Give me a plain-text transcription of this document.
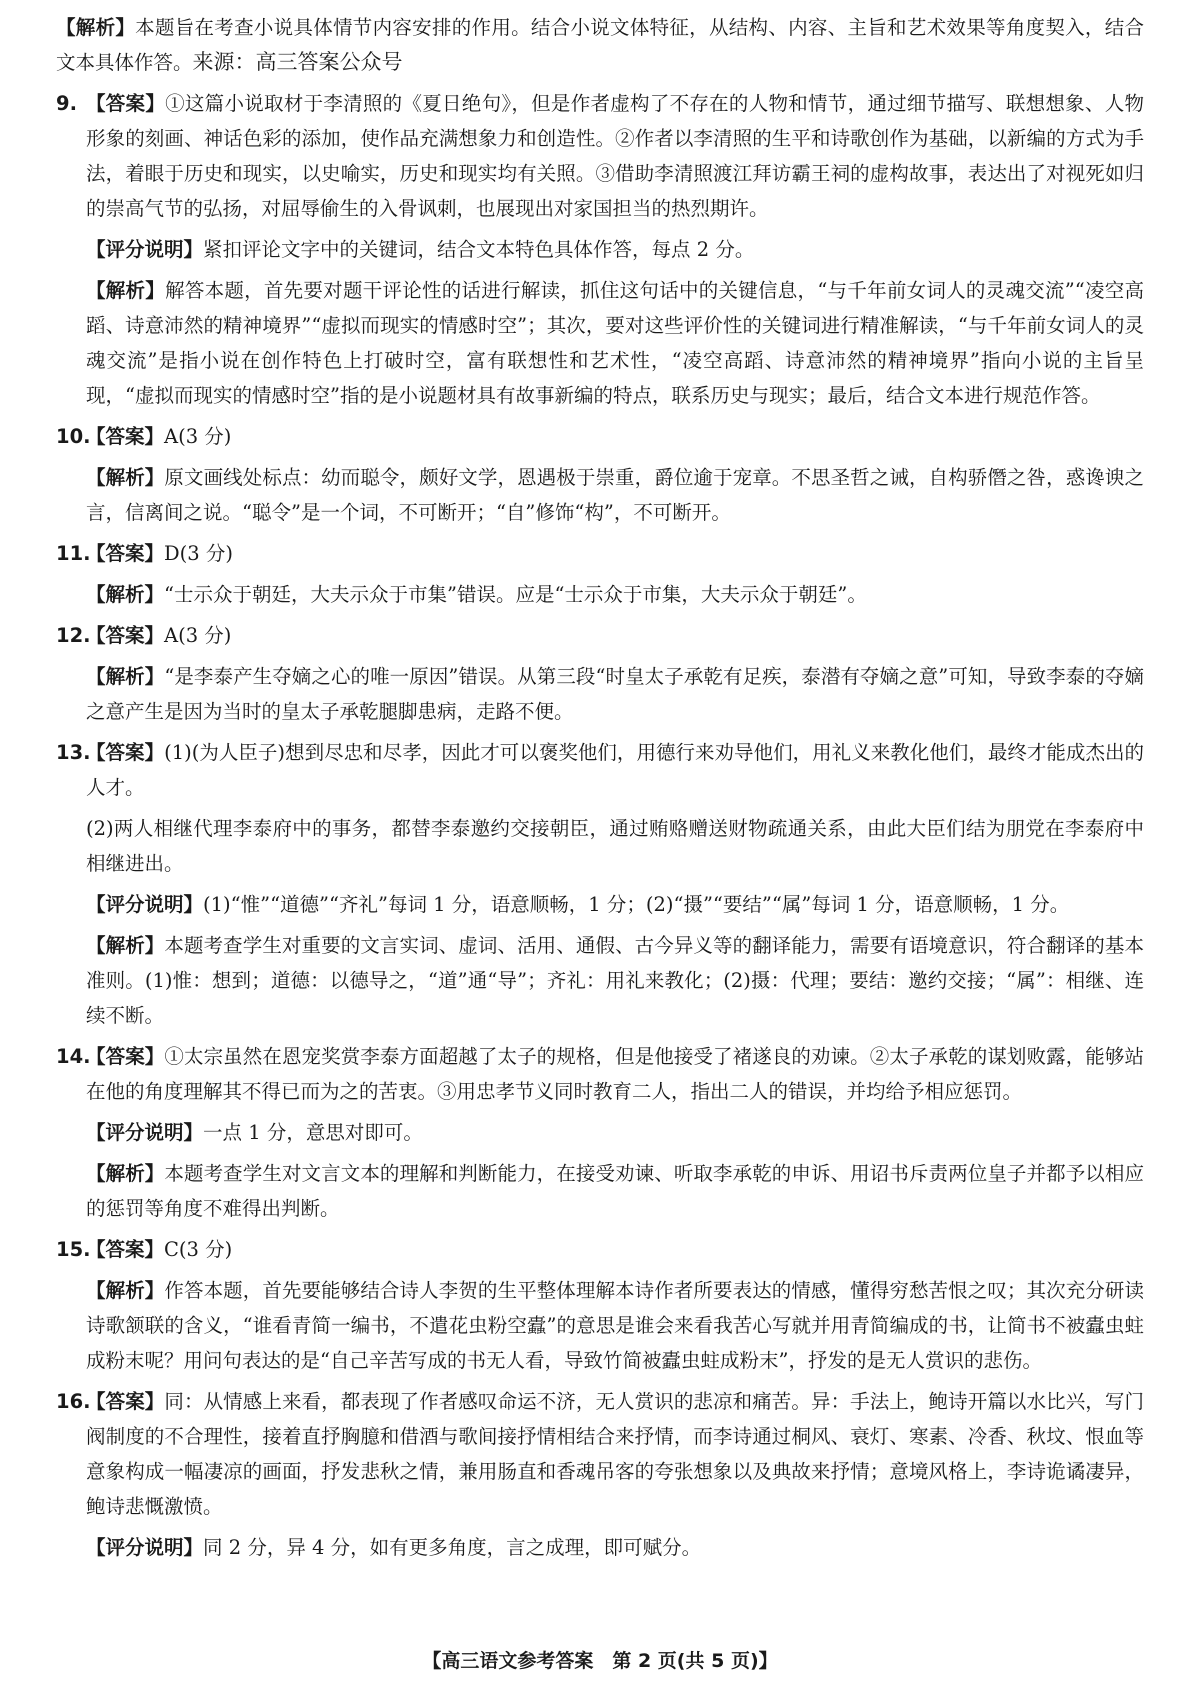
【解析】本题旨在考查小说具体情节内容安排的作用。结合小说文体特征，从结构、内容、主旨和艺术效果等角度契入，结合文本具体作答。来源：高三答案公众号

9. 【答案】①这篇小说取材于李清照的《夏日绝句》，但是作者虚构了不存在的人物和情节，通过细节描写、联想想象、人物形象的刻画、神话色彩的添加，使作品充满想象力和创造性。②作者以李清照的生平和诗歌创作为基础，以新编的方式为手法，着眼于历史和现实，以史喻实，历史和现实均有关照。③借助李清照渡江拜访霸王祠的虚构故事，表达出了对视死如归的崇高气节的弘扬，对屈辱偷生的入骨讽刺，也展现出对家国担当的热烈期许。

【评分说明】紧扣评论文字中的关键词，结合文本特色具体作答，每点 2 分。

【解析】解答本题，首先要对题干评论性的话进行解读，抓住这句话中的关键信息，“与千年前女词人的灵魂交流”“凌空高蹈、诗意沛然的精神境界”“虚拟而现实的情感时空”；其次，要对这些评价性的关键词进行精准解读，“与千年前女词人的灵魂交流”是指小说在创作特色上打破时空，富有联想性和艺术性，“凌空高蹈、诗意沛然的精神境界”指向小说的主旨呈现，“虚拟而现实的情感时空”指的是小说题材具有故事新编的特点，联系历史与现实；最后，结合文本进行规范作答。

10.

【答案】A(3 分)

【解析】原文画线处标点：幼而聪令，颇好文学，恩遇极于崇重，爵位逾于宠章。不思圣哲之诫，自构骄僭之咎，惑谗谀之言，信离间之说。“聪令”是一个词，不可断开；“自”修饰“构”，不可断开。

11.

【答案】D(3 分)

【解析】“士示众于朝廷，大夫示众于市集”错误。应是“士示众于市集，大夫示众于朝廷”。

12.

【答案】A(3 分)

【解析】“是李泰产生夺嫡之心的唯一原因”错误。从第三段“时皇太子承乾有足疾，泰潜有夺嫡之意”可知，导致李泰的夺嫡之意产生是因为当时的皇太子承乾腿脚患病，走路不便。

13.

【答案】(1)(为人臣子)想到尽忠和尽孝，因此才可以褒奖他们，用德行来劝导他们，用礼义来教化他们，最终才能成杰出的人才。

(2)两人相继代理李泰府中的事务，都替李泰邀约交接朝臣，通过贿赂赠送财物疏通关系，由此大臣们结为朋党在李泰府中相继进出。

【评分说明】(1)“惟”“道德”“齐礼”每词 1 分，语意顺畅，1 分；(2)“摄”“要结”“属”每词 1 分，语意顺畅，1 分。

【解析】本题考查学生对重要的文言实词、虚词、活用、通假、古今异义等的翻译能力，需要有语境意识，符合翻译的基本准则。(1)惟：想到；道德：以德导之，“道”通“导”；齐礼：用礼来教化；(2)摄：代理；要结：邀约交接；“属”：相继、连续不断。

14.

【答案】①太宗虽然在恩宠奖赏李泰方面超越了太子的规格，但是他接受了褚遂良的劝谏。②太子承乾的谋划败露，能够站在他的角度理解其不得已而为之的苦衷。③用忠孝节义同时教育二人，指出二人的错误，并均给予相应惩罚。

【评分说明】一点 1 分，意思对即可。

【解析】本题考查学生对文言文本的理解和判断能力，在接受劝谏、听取李承乾的申诉、用诏书斥责两位皇子并都予以相应的惩罚等角度不难得出判断。

15.

【答案】C(3 分)

【解析】作答本题，首先要能够结合诗人李贺的生平整体理解本诗作者所要表达的情感，懂得穷愁苦恨之叹；其次充分研读诗歌颔联的含义，“谁看青简一编书，不遣花虫粉空蠹”的意思是谁会来看我苦心写就并用青简编成的书，让简书不被蠹虫蛀成粉末呢？用问句表达的是“自己辛苦写成的书无人看，导致竹简被蠹虫蛀成粉末”，抒发的是无人赏识的悲伤。

16.

【答案】同：从情感上来看，都表现了作者感叹命运不济，无人赏识的悲凉和痛苦。异：手法上，鲍诗开篇以水比兴，写门阀制度的不合理性，接着直抒胸臆和借酒与歌间接抒情相结合来抒情，而李诗通过桐风、衰灯、寒素、冷香、秋坟、恨血等意象构成一幅凄凉的画面，抒发悲秋之情，兼用肠直和香魂吊客的夸张想象以及典故来抒情；意境风格上，李诗诡谲凄异，鲍诗悲慨激愤。

【评分说明】同 2 分，异 4 分，如有更多角度，言之成理，即可赋分。

【高三语文参考答案　第 2 页(共 5 页)】
